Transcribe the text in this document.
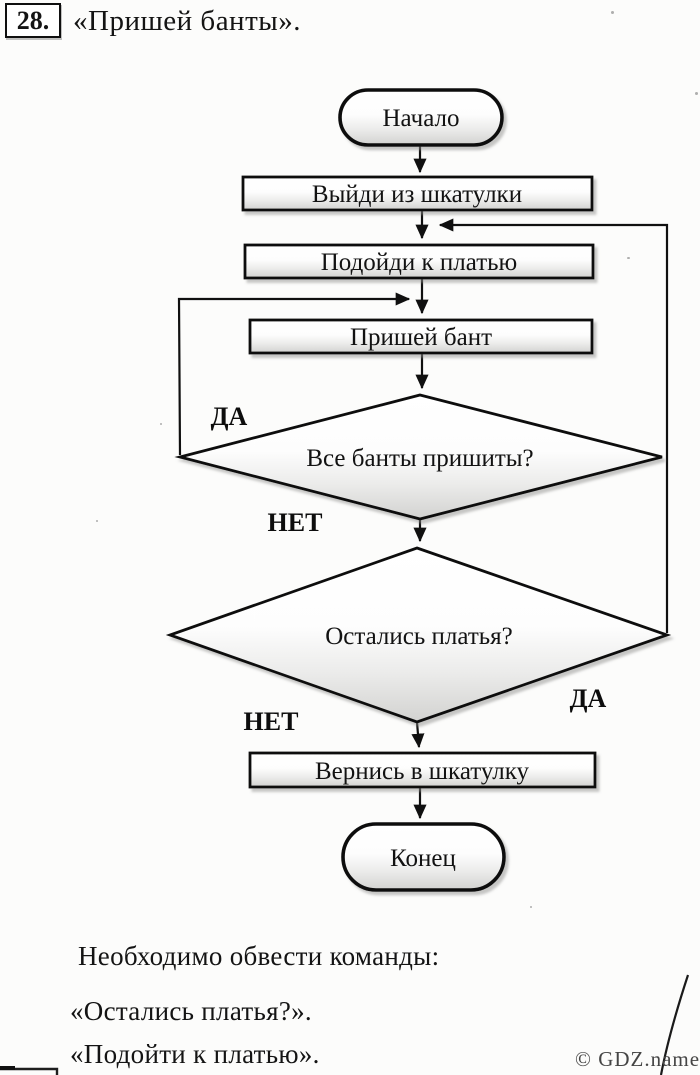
28. «Пришей банты».
Начало
Выйди из шкатулки
Подойди к платью
Пришей бант
Все банты пришиты?
Остались платья?
Вернись в шкатулку
Конец
ДА
НЕТ
ДА
НЕТ
Необходимо обвести команды:
«Остались платья?».
«Подойти к платью».	© GDZ.name
